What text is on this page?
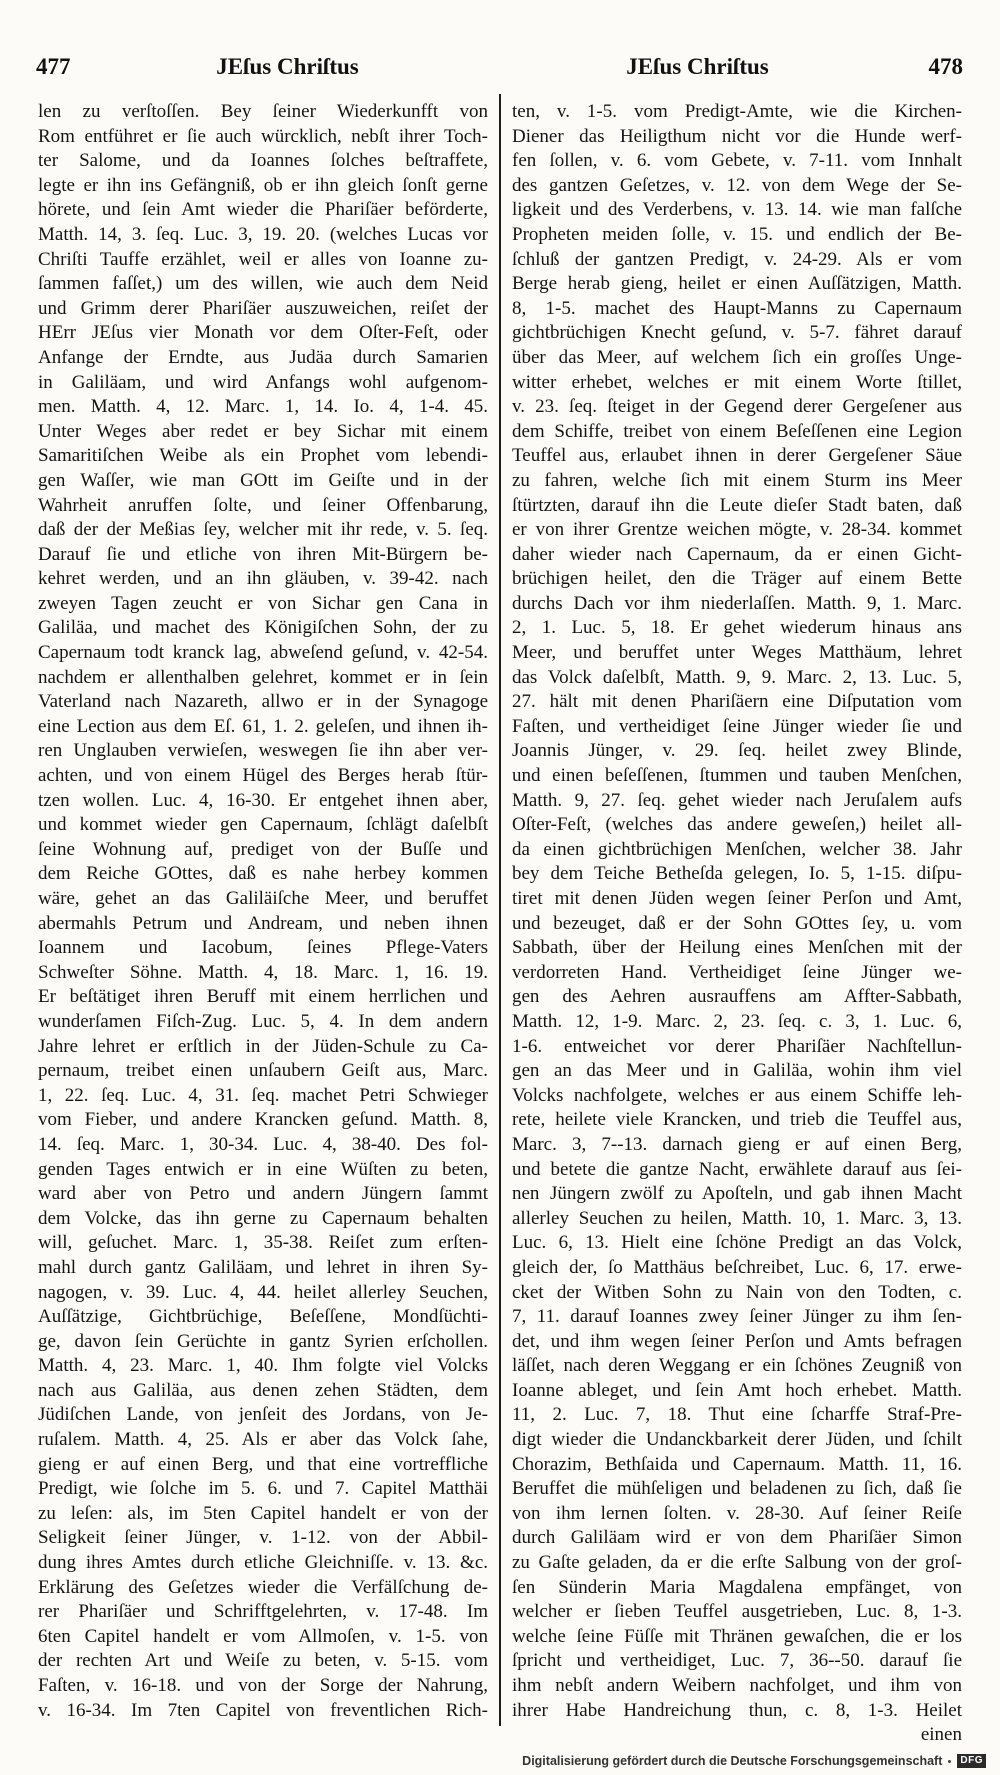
477	JEſus Chriſtus	JEſus Chriſtus	478
len zu verſtoſſen. Bey ſeiner Wiederkunfft von
Rom entführet er ſie auch würcklich, nebſt ihrer Toch-
ter Salome, und da Ioannes ſolches beſtraffete,
legte er ihn ins Gefängniß, ob er ihn gleich ſonſt gerne
hörete, und ſein Amt wieder die Phariſäer beförderte,
Matth. 14, 3. ſeq. Luc. 3, 19. 20. (welches Lucas vor
Chriſti Tauffe erzählet, weil er alles von Ioanne zu-
ſammen faſſet,) um des willen, wie auch dem Neid
und Grimm derer Phariſäer auszuweichen, reiſet der
HErr JEſus vier Monath vor dem Oſter-Feſt, oder
Anfange der Erndte, aus Judäa durch Samarien
in Galiläam, und wird Anfangs wohl aufgenom-
men. Matth. 4, 12. Marc. 1, 14. Io. 4, 1-4. 45.
Unter Weges aber redet er bey Sichar mit einem
Samaritiſchen Weibe als ein Prophet vom lebendi-
gen Waſſer, wie man GOtt im Geiſte und in der
Wahrheit anruffen ſolte, und ſeiner Offenbarung,
daß der der Meßias ſey, welcher mit ihr rede, v. 5. ſeq.
Darauf ſie und etliche von ihren Mit-Bürgern be-
kehret werden, und an ihn gläuben, v. 39-42. nach
zweyen Tagen zeucht er von Sichar gen Cana in
Galiläa, und machet des Königiſchen Sohn, der zu
Capernaum todt kranck lag, abweſend geſund, v. 42-54.
nachdem er allenthalben gelehret, kommet er in ſein
Vaterland nach Nazareth, allwo er in der Synagoge
eine Lection aus dem Eſ. 61, 1. 2. geleſen, und ihnen ih-
ren Unglauben verwieſen, weswegen ſie ihn aber ver-
achten, und von einem Hügel des Berges herab ſtür-
tzen wollen. Luc. 4, 16-30. Er entgehet ihnen aber,
und kommet wieder gen Capernaum, ſchlägt daſelbſt
ſeine Wohnung auf, prediget von der Buſſe und
dem Reiche GOttes, daß es nahe herbey kommen
wäre, gehet an das Galiläiſche Meer, und beruffet
abermahls Petrum und Andream, und neben ihnen
Ioannem und Iacobum, ſeines Pflege-Vaters
Schweſter Söhne. Matth. 4, 18. Marc. 1, 16. 19.
Er beſtätiget ihren Beruff mit einem herrlichen und
wunderſamen Fiſch-Zug. Luc. 5, 4. In dem andern
Jahre lehret er erſtlich in der Jüden-Schule zu Ca-
pernaum, treibet einen unſaubern Geiſt aus, Marc.
1, 22. ſeq. Luc. 4, 31. ſeq. machet Petri Schwieger
vom Fieber, und andere Krancken geſund. Matth. 8,
14. ſeq. Marc. 1, 30-34. Luc. 4, 38-40. Des fol-
genden Tages entwich er in eine Wüſten zu beten,
ward aber von Petro und andern Jüngern ſammt
dem Volcke, das ihn gerne zu Capernaum behalten
will, geſuchet. Marc. 1, 35-38. Reiſet zum erſten-
mahl durch gantz Galiläam, und lehret in ihren Sy-
nagogen, v. 39. Luc. 4, 44. heilet allerley Seuchen,
Auſſätzige, Gichtbrüchige, Beſeſſene, Mondſüchti-
ge, davon ſein Gerüchte in gantz Syrien erſchollen.
Matth. 4, 23. Marc. 1, 40. Ihm folgte viel Volcks
nach aus Galiläa, aus denen zehen Städten, dem
Jüdiſchen Lande, von jenſeit des Jordans, von Je-
ruſalem. Matth. 4, 25. Als er aber das Volck ſahe,
gieng er auf einen Berg, und that eine vortreffliche
Predigt, wie ſolche im 5. 6. und 7. Capitel Matthäi
zu leſen: als, im 5ten Capitel handelt er von der
Seligkeit ſeiner Jünger, v. 1-12. von der Abbil-
dung ihres Amtes durch etliche Gleichniſſe. v. 13. &c.
Erklärung des Geſetzes wieder die Verfälſchung de-
rer Phariſäer und Schrifftgelehrten, v. 17-48. Im
6ten Capitel handelt er vom Allmoſen, v. 1-5. von
der rechten Art und Weiſe zu beten, v. 5-15. vom
Faſten, v. 16-18. und von der Sorge der Nahrung,
v. 16-34. Im 7ten Capitel von freventlichen Rich-
ten, v. 1-5. vom Predigt-Amte, wie die Kirchen-
Diener das Heiligthum nicht vor die Hunde werf-
fen ſollen, v. 6. vom Gebete, v. 7-11. vom Innhalt
des gantzen Geſetzes, v. 12. von dem Wege der Se-
ligkeit und des Verderbens, v. 13. 14. wie man falſche
Propheten meiden ſolle, v. 15. und endlich der Be-
ſchluß der gantzen Predigt, v. 24-29. Als er vom
Berge herab gieng, heilet er einen Auſſätzigen, Matth.
8, 1-5. machet des Haupt-Manns zu Capernaum
gichtbrüchigen Knecht geſund, v. 5-7. fähret darauf
über das Meer, auf welchem ſich ein groſſes Unge-
witter erhebet, welches er mit einem Worte ſtillet,
v. 23. ſeq. ſteiget in der Gegend derer Gergeſener aus
dem Schiffe, treibet von einem Beſeſſenen eine Legion
Teuffel aus, erlaubet ihnen in derer Gergeſener Säue
zu fahren, welche ſich mit einem Sturm ins Meer
ſtürtzten, darauf ihn die Leute dieſer Stadt baten, daß
er von ihrer Grentze weichen mögte, v. 28-34. kommet
daher wieder nach Capernaum, da er einen Gicht-
brüchigen heilet, den die Träger auf einem Bette
durchs Dach vor ihm niederlaſſen. Matth. 9, 1. Marc.
2, 1. Luc. 5, 18. Er gehet wiederum hinaus ans
Meer, und beruffet unter Weges Matthäum, lehret
das Volck daſelbſt, Matth. 9, 9. Marc. 2, 13. Luc. 5,
27. hält mit denen Phariſäern eine Diſputation vom
Faſten, und vertheidiget ſeine Jünger wieder ſie und
Joannis Jünger, v. 29. ſeq. heilet zwey Blinde,
und einen beſeſſenen, ſtummen und tauben Menſchen,
Matth. 9, 27. ſeq. gehet wieder nach Jeruſalem aufs
Oſter-Feſt, (welches das andere geweſen,) heilet all-
da einen gichtbrüchigen Menſchen, welcher 38. Jahr
bey dem Teiche Betheſda gelegen, Io. 5, 1-15. diſpu-
tiret mit denen Jüden wegen ſeiner Perſon und Amt,
und bezeuget, daß er der Sohn GOttes ſey, u. vom
Sabbath, über der Heilung eines Menſchen mit der
verdorreten Hand. Vertheidiget ſeine Jünger we-
gen des Aehren ausrauffens am Affter-Sabbath,
Matth. 12, 1-9. Marc. 2, 23. ſeq. c. 3, 1. Luc. 6,
1-6. entweichet vor derer Phariſäer Nachſtellun-
gen an das Meer und in Galiläa, wohin ihm viel
Volcks nachfolgete, welches er aus einem Schiffe leh-
rete, heilete viele Krancken, und trieb die Teuffel aus,
Marc. 3, 7--13. darnach gieng er auf einen Berg,
und betete die gantze Nacht, erwählete darauf aus ſei-
nen Jüngern zwölf zu Apoſteln, und gab ihnen Macht
allerley Seuchen zu heilen, Matth. 10, 1. Marc. 3, 13.
Luc. 6, 13. Hielt eine ſchöne Predigt an das Volck,
gleich der, ſo Matthäus beſchreibet, Luc. 6, 17. erwe-
cket der Witben Sohn zu Nain von den Todten, c.
7, 11. darauf Ioannes zwey ſeiner Jünger zu ihm ſen-
det, und ihm wegen ſeiner Perſon und Amts befragen
läſſet, nach deren Weggang er ein ſchönes Zeugniß von
Ioanne ableget, und ſein Amt hoch erhebet. Matth.
11, 2. Luc. 7, 18. Thut eine ſcharffe Straf-Pre-
digt wieder die Undanckbarkeit derer Jüden, und ſchilt
Chorazim, Bethſaida und Capernaum. Matth. 11, 16.
Beruffet die mühſeligen und beladenen zu ſich, daß ſie
von ihm lernen ſolten. v. 28-30. Auf ſeiner Reiſe
durch Galiläam wird er von dem Phariſäer Simon
zu Gaſte geladen, da er die erſte Salbung von der groſ-
ſen Sünderin Maria Magdalena empfänget, von
welcher er ſieben Teuffel ausgetrieben, Luc. 8, 1-3.
welche ſeine Füſſe mit Thränen gewaſchen, die er los
ſpricht und vertheidiget, Luc. 7, 36--50. darauf ſie
ihm nebſt andern Weibern nachfolget, und ihm von
ihrer Habe Handreichung thun, c. 8, 1-3. Heilet
einen
Digitalisierung gefördert durch die Deutsche Forschungsgemeinschaft	DFG
